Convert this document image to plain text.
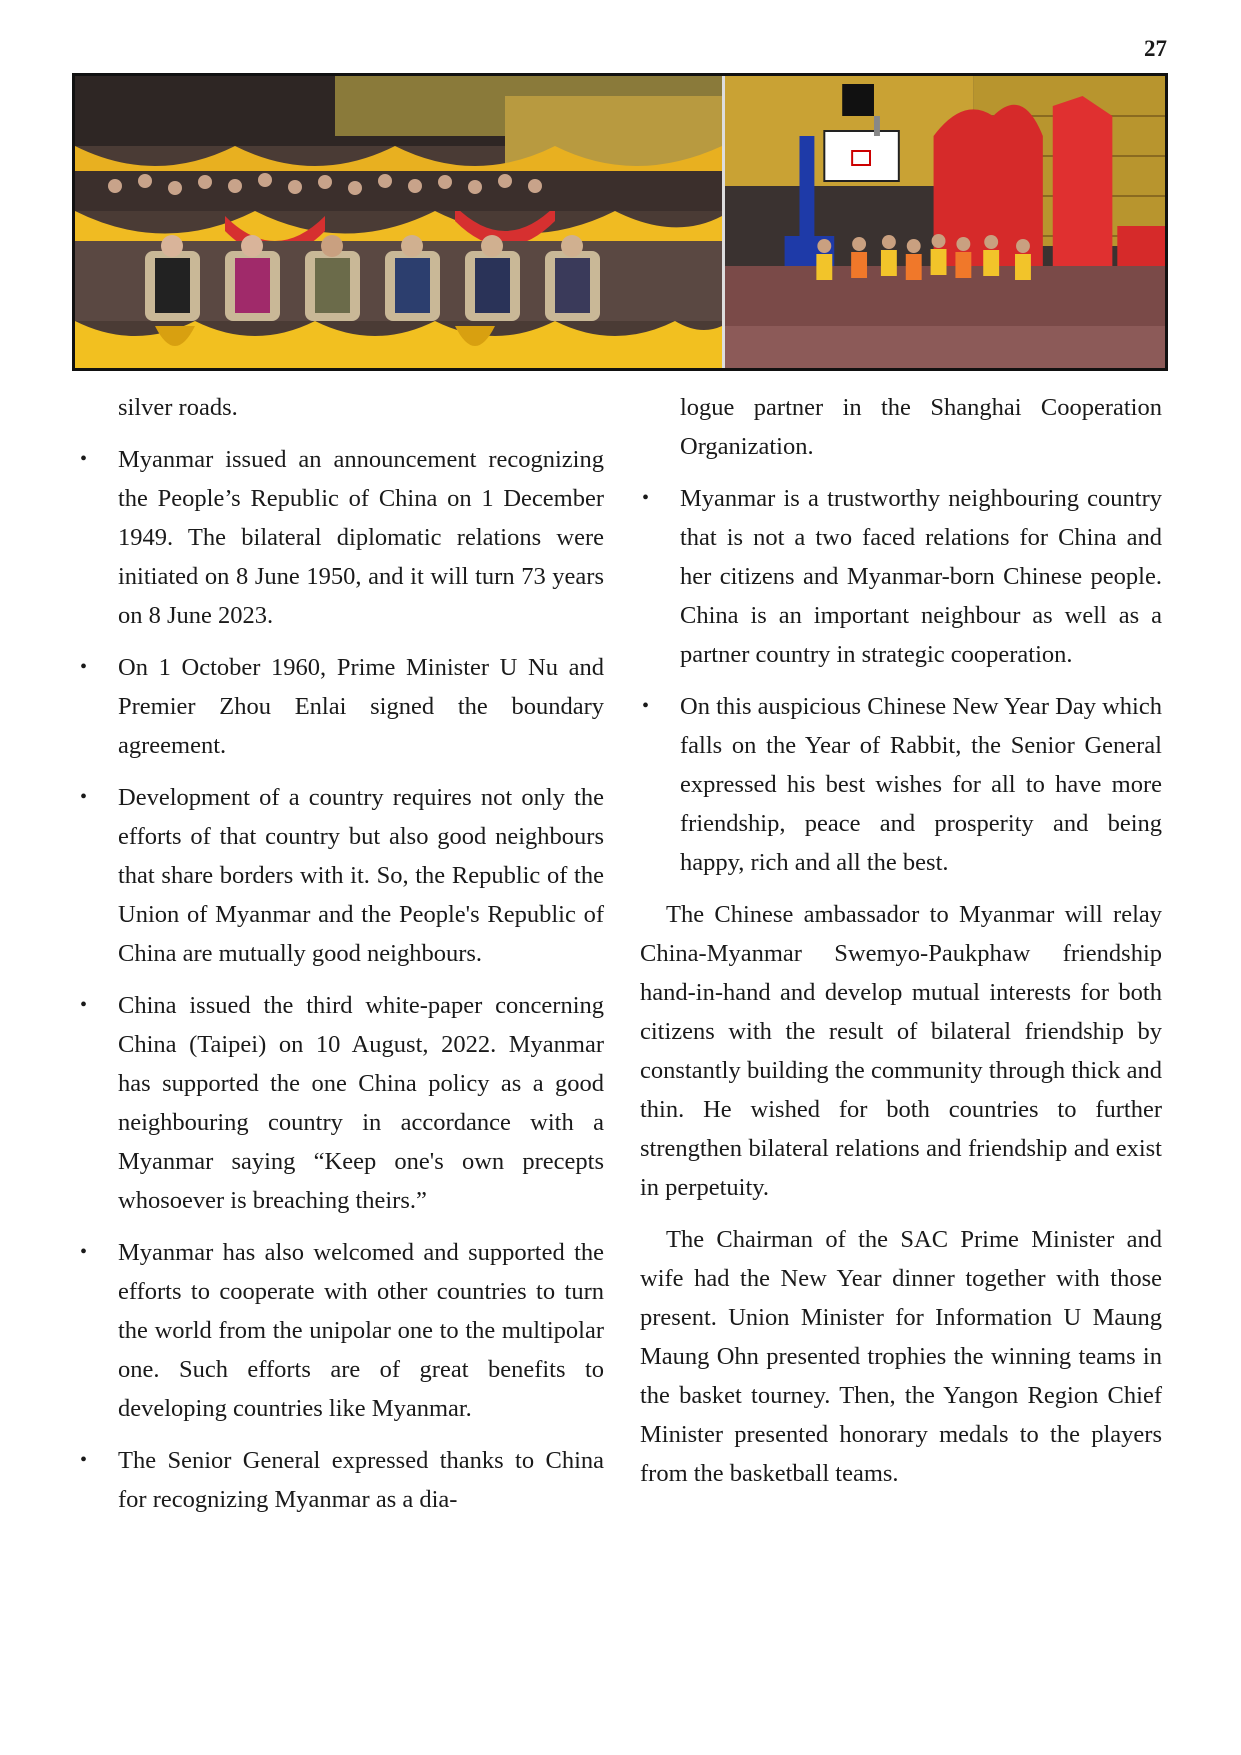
27

silver roads.

•	Myanmar issued an announcement recognizing the People’s Republic of China on 1 December 1949. The bilateral diplomatic relations were initiated on 8 June 1950, and it will turn 73 years on 8 June 2023.
•	On 1 October 1960, Prime Minister U Nu and Premier Zhou Enlai signed the boundary agreement.
•	Development of a country requires not only the efforts of that country but also good neighbours that share borders with it. So, the Republic of the Union of Myanmar and the People's Republic of China are mutually good neighbours.
•	China issued the third white-paper concerning China (Taipei) on 10 August, 2022. Myanmar has supported the one China policy as a good neighbouring country in accordance with a Myanmar saying “Keep one's own precepts whosoever is breaching theirs.”
•	Myanmar has also welcomed and supported the efforts to cooperate with other countries to turn the world from the unipolar one to the multipolar one. Such efforts are of great benefits to developing countries like Myanmar.
•	The Senior General expressed thanks to China for recognizing Myanmar as a dia-

logue partner in the Shanghai Cooperation Organization.

•	Myanmar is a trustworthy neighbouring country that is not a two faced relations for China and her citizens and Myanmar-born Chinese people. China is an important neighbour as well as a partner country in strategic cooperation.
•	On this auspicious Chinese New Year Day which falls on the Year of Rabbit, the Senior General expressed his best wishes for all to have more friendship, peace and prosperity and being happy, rich and all the best.

The Chinese ambassador to Myanmar will relay China-Myanmar Swemyo-Paukphaw friendship hand-in-hand and develop mutual interests for both citizens with the result of bilateral friendship by constantly building the community through thick and thin. He wished for both countries to further strengthen bilateral relations and friendship and exist in perpetuity.

The Chairman of the SAC Prime Minister and wife had the New Year dinner together with those present. Union Minister for Information U Maung Maung Ohn presented trophies the winning teams in the basket tourney. Then, the Yangon Region Chief Minister presented honorary medals to the players from the basketball teams.
